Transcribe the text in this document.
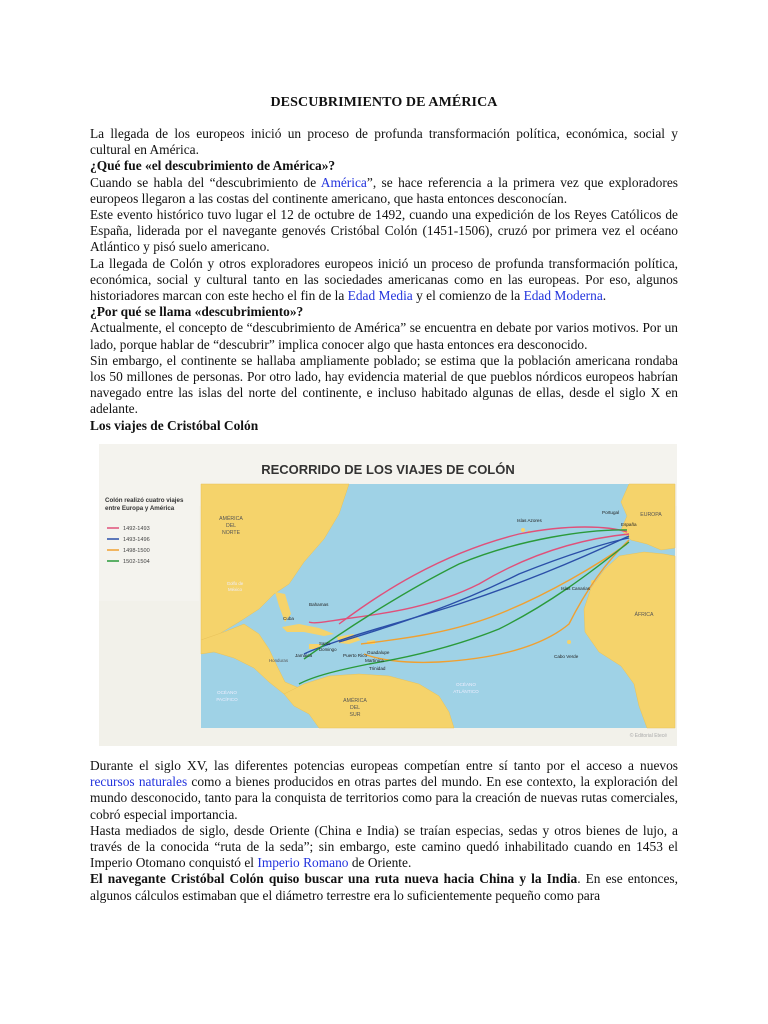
DESCUBRIMIENTO DE AMÉRICA

La llegada de los europeos inició un proceso de profunda transformación política, económica, social y cultural en América.

¿Qué fue «el descubrimiento de América»?

Cuando se habla del “descubrimiento de América”, se hace referencia a la primera vez que exploradores europeos llegaron a las costas del continente americano, que hasta entonces desconocían.

Este evento histórico tuvo lugar el 12 de octubre de 1492, cuando una expedición de los Reyes Católicos de España, liderada por el navegante genovés Cristóbal Colón (1451-1506), cruzó por primera vez el océano Atlántico y pisó suelo americano.

La llegada de Colón y otros exploradores europeos inició un proceso de profunda transformación política, económica, social y cultural tanto en las sociedades americanas como en las europeas. Por eso, algunos historiadores marcan con este hecho el fin de la Edad Media y el comienzo de la Edad Moderna.

¿Por qué se llama «descubrimiento»?

Actualmente, el concepto de “descubrimiento de América” se encuentra en debate por varios motivos. Por un lado, porque hablar de “descubrir” implica conocer algo que hasta entonces era desconocido.

Sin embargo, el continente se hallaba ampliamente poblado; se estima que la población americana rondaba los 50 millones de personas. Por otro lado, hay evidencia material de que pueblos nórdicos europeos habrían navegado entre las islas del norte del continente, e incluso habitado algunas de ellas, desde el siglo X en adelante.

Los viajes de Cristóbal Colón

RECORRIDO DE LOS VIAJES DE COLÓN
Colón realizó cuatro viajes
entre Europa y América
1492-1493
1493-1496
1498-1500
1502-1504
AMÉRICA
DEL
NORTE
EUROPA
ÁFRICA
AMÉRICA
DEL
SUR
OCÉANO
PACÍFICO
OCÉANO
ATLÁNTICO
Golfo de
México
Islas Azores
Portugal
España
Islas Canarias
Cabo Verde
Bahamas
Cuba
Jamaica
Santo
Domingo
Puerto Rico
Guadalupe
Martinica
Trinidad
Honduras
© Editorial Etecé

Durante el siglo XV, las diferentes potencias europeas competían entre sí tanto por el acceso a nuevos recursos naturales como a bienes producidos en otras partes del mundo. En ese contexto, la exploración del mundo desconocido, tanto para la conquista de territorios como para la creación de nuevas rutas comerciales, cobró especial importancia.

Hasta mediados de siglo, desde Oriente (China e India) se traían especias, sedas y otros bienes de lujo, a través de la conocida “ruta de la seda”; sin embargo, este camino quedó inhabilitado cuando en 1453 el Imperio Otomano conquistó el Imperio Romano de Oriente.

El navegante Cristóbal Colón quiso buscar una ruta nueva hacia China y la India. En ese entonces, algunos cálculos estimaban que el diámetro terrestre era lo suficientemente pequeño como para
